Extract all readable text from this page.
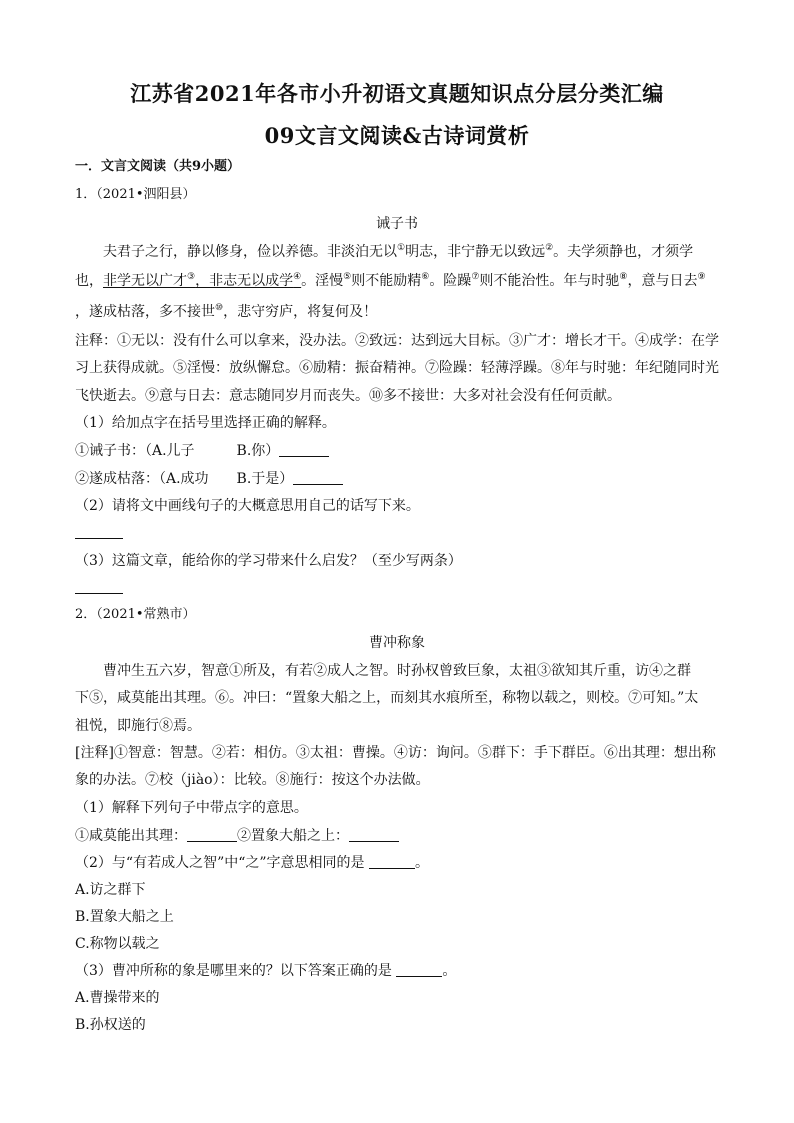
江苏省2021年各市小升初语文真题知识点分层分类汇编
09文言文阅读&古诗词赏析
一．文言文阅读（共9小题）
1．（2021•泗阳县）
诫子书
　　夫君子之行，静以修身，俭以养德。非淡泊无以①明志，非宁静无以致远②。夫学须静也，才须学
也，非学无以广才③，非志无以成学④。淫慢⑤则不能励精⑥。险躁⑦则不能治性。年与时驰⑧，意与日去⑨
，遂成枯落，多不接世⑩，悲守穷庐，将复何及！
注释：①无以：没有什么可以拿来，没办法。②致远：达到远大目标。③广才：增长才干。④成学：在学
习上获得成就。⑤淫慢：放纵懈怠。⑥励精：振奋精神。⑦险躁：轻薄浮躁。⑧年与时驰：年纪随同时光
飞快逝去。⑨意与日去：意志随同岁月而丧失。⑩多不接世：大多对社会没有任何贡献。
（1）给加点字在括号里选择正确的解释。
①诫子书：（A.儿子　　　B.你）
②遂成枯落：（A.成功　　B.于是）
（2）请将文中画线句子的大概意思用自己的话写下来。
（3）这篇文章，能给你的学习带来什么启发？（至少写两条）
2．（2021•常熟市）
曹冲称象
　　曹冲生五六岁，智意①所及，有若②成人之智。时孙权曾致巨象，太祖③欲知其斤重，访④之群
下⑤，咸莫能出其理。⑥。冲曰：“置象大船之上，而刻其水痕所至，称物以载之，则校。⑦可知。”太
祖悦，即施行⑧焉。
[注释]①智意：智慧。②若：相仿。③太祖：曹操。④访：询问。⑤群下：手下群臣。⑥出其理：想出称
象的办法。⑦校（jiào）：比较。⑧施行：按这个办法做。
（1）解释下列句子中带点字的意思。
①咸莫能出其理：	②置象大船之上：
（2）与“有若成人之智”中“之”字意思相同的是	。
A.访之群下
B.置象大船之上
C.称物以载之
（3）曹冲所称的象是哪里来的？以下答案正确的是	。
A.曹操带来的
B.孙权送的
